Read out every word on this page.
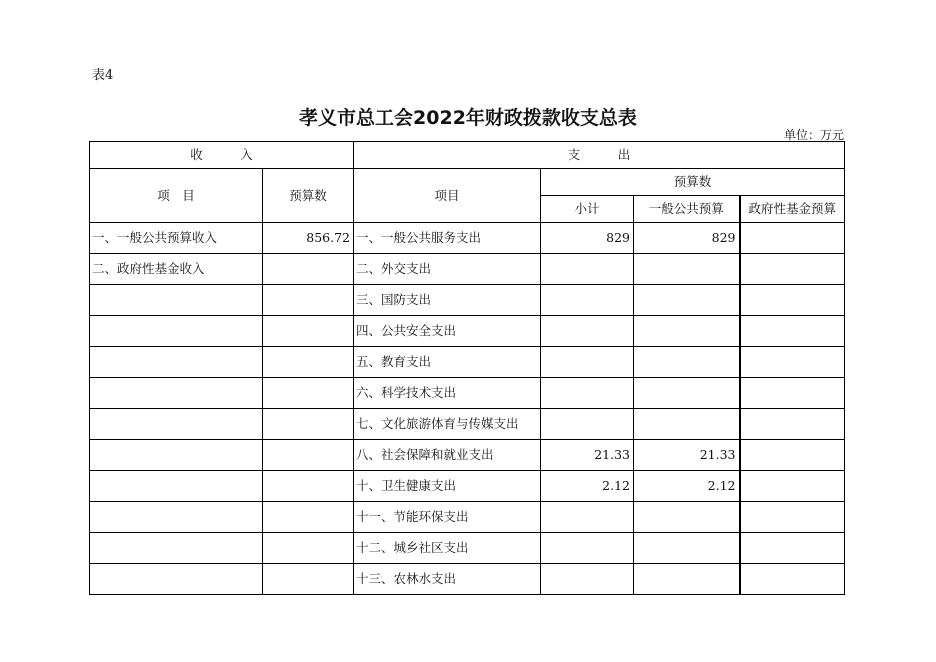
表4
孝义市总工会2022年财政拨款收支总表
单位：万元
收　　　入		支　　　出			
项　目	预算数	项目	预算数		
			小计	一般公共预算	政府性基金预算
一、一般公共预算收入	856.72	一、一般公共服务支出	829	829	
二、政府性基金收入		二、外交支出			
		三、国防支出			
		四、公共安全支出			
		五、教育支出			
		六、科学技术支出			
		七、文化旅游体育与传媒支出			
		八、社会保障和就业支出	21.33	21.33	
		十、卫生健康支出	2.12	2.12	
		十一、节能环保支出			
		十二、城乡社区支出			
		十三、农林水支出			
